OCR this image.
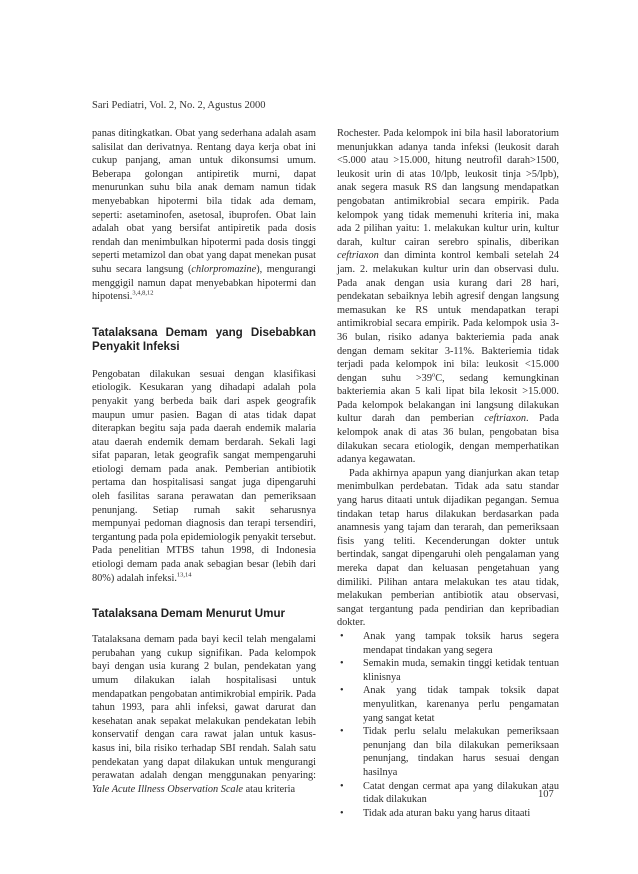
Sari Pediatri, Vol. 2, No. 2, Agustus 2000

panas ditingkatkan. Obat yang sederhana adalah asam salisilat dan derivatnya. Rentang daya kerja obat ini cukup panjang, aman untuk dikonsumsi umum. Beberapa golongan antipiretik murni, dapat menurunkan suhu bila anak demam namun tidak menyebabkan hipotermi bila tidak ada demam, seperti: asetaminofen, asetosal, ibuprofen. Obat lain adalah obat yang bersifat antipiretik pada dosis rendah dan menimbulkan hipotermi pada dosis tinggi seperti metamizol dan obat yang dapat menekan pusat suhu secara langsung (chlorpromazine), mengurangi menggigil namun dapat menyebabkan hipotermi dan hipotensi.$^{3,4,8,12}$

Tatalaksana Demam yang Disebabkan Penyakit Infeksi

Pengobatan dilakukan sesuai dengan klasifikasi etiologik. Kesukaran yang dihadapi adalah pola penyakit yang berbeda baik dari aspek geografik maupun umur pasien. Bagan di atas tidak dapat diterapkan begitu saja pada daerah endemik malaria atau daerah endemik demam berdarah. Sekali lagi sifat paparan, letak geografik sangat mempengaruhi etiologi demam pada anak. Pemberian antibiotik pertama dan hospitalisasi sangat juga dipengaruhi oleh fasilitas sarana perawatan dan pemeriksaan penunjang. Setiap rumah sakit seharusnya mempunyai pedoman diagnosis dan terapi tersendiri, tergantung pada pola epidemiologik penyakit tersebut. Pada penelitian MTBS tahun 1998, di Indonesia etiologi demam pada anak sebagian besar (lebih dari 80%) adalah infeksi.$^{13,14}$

Tatalaksana Demam Menurut Umur

Tatalaksana demam pada bayi kecil telah mengalami perubahan yang cukup signifikan. Pada kelompok bayi dengan usia kurang 2 bulan, pendekatan yang umum dilakukan ialah hospitalisasi untuk mendapatkan pengobatan antimikrobial empirik. Pada tahun 1993, para ahli infeksi, gawat darurat dan kesehatan anak sepakat melakukan pendekatan lebih konservatif dengan cara rawat jalan untuk kasus-kasus ini, bila risiko terhadap SBI rendah. Salah satu pendekatan yang dapat dilakukan untuk mengurangi perawatan adalah dengan menggunakan penyaring: Yale Acute Illness Observation Scale atau kriteria

Rochester. Pada kelompok ini bila hasil laboratorium menunjukkan adanya tanda infeksi (leukosit darah <5.000 atau >15.000, hitung neutrofil darah>1500, leukosit urin di atas 10/lpb, leukosit tinja >5/lpb), anak segera masuk RS dan langsung mendapatkan pengobatan antimikrobial secara empirik. Pada kelompok yang tidak memenuhi kriteria ini, maka ada 2 pilihan yaitu: 1. melakukan kultur urin, kultur darah, kultur cairan serebro spinalis, diberikan ceftriaxon dan diminta kontrol kembali setelah 24 jam. 2. melakukan kultur urin dan observasi dulu. Pada anak dengan usia kurang dari 28 hari, pendekatan sebaiknya lebih agresif dengan langsung memasukan ke RS untuk mendapatkan terapi antimikrobial secara empirik. Pada kelompok usia 3-36 bulan, risiko adanya bakteriemia pada anak dengan demam sekitar 3-11%. Bakteriemia tidak terjadi pada kelompok ini bila: leukosit <15.000 dengan suhu $>39^oC$, sedang kemungkinan bakteriemia akan 5 kali lipat bila lekosit >15.000. Pada kelompok belakangan ini langsung dilakukan kultur darah dan pemberian ceftriaxon. Pada kelompok anak di atas 36 bulan, pengobatan bisa dilakukan secara etiologik, dengan memperhatikan adanya kegawatan.

Pada akhirnya apapun yang dianjurkan akan tetap menimbulkan perdebatan. Tidak ada satu standar yang harus ditaati untuk dijadikan pegangan. Semua tindakan tetap harus dilakukan berdasarkan pada anamnesis yang tajam dan terarah, dan pemeriksaan fisis yang teliti. Kecenderungan dokter untuk bertindak, sangat dipengaruhi oleh pengalaman yang mereka dapat dan keluasan pengetahuan yang dimiliki. Pilihan antara melakukan tes atau tidak, melakukan pemberian antibiotik atau observasi, sangat tergantung pada pendirian dan kepribadian dokter.

• Anak yang tampak toksik harus segera mendapat tindakan yang segera
• Semakin muda, semakin tinggi ketidak tentuan klinisnya
• Anak yang tidak tampak toksik dapat menyulitkan, karenanya perlu pengamatan yang sangat ketat
• Tidak perlu selalu melakukan pemeriksaan penunjang dan bila dilakukan pemeriksaan penunjang, tindakan harus sesuai dengan hasilnya
• Catat dengan cermat apa yang dilakukan atau tidak dilakukan
• Tidak ada aturan baku yang harus ditaati
107
